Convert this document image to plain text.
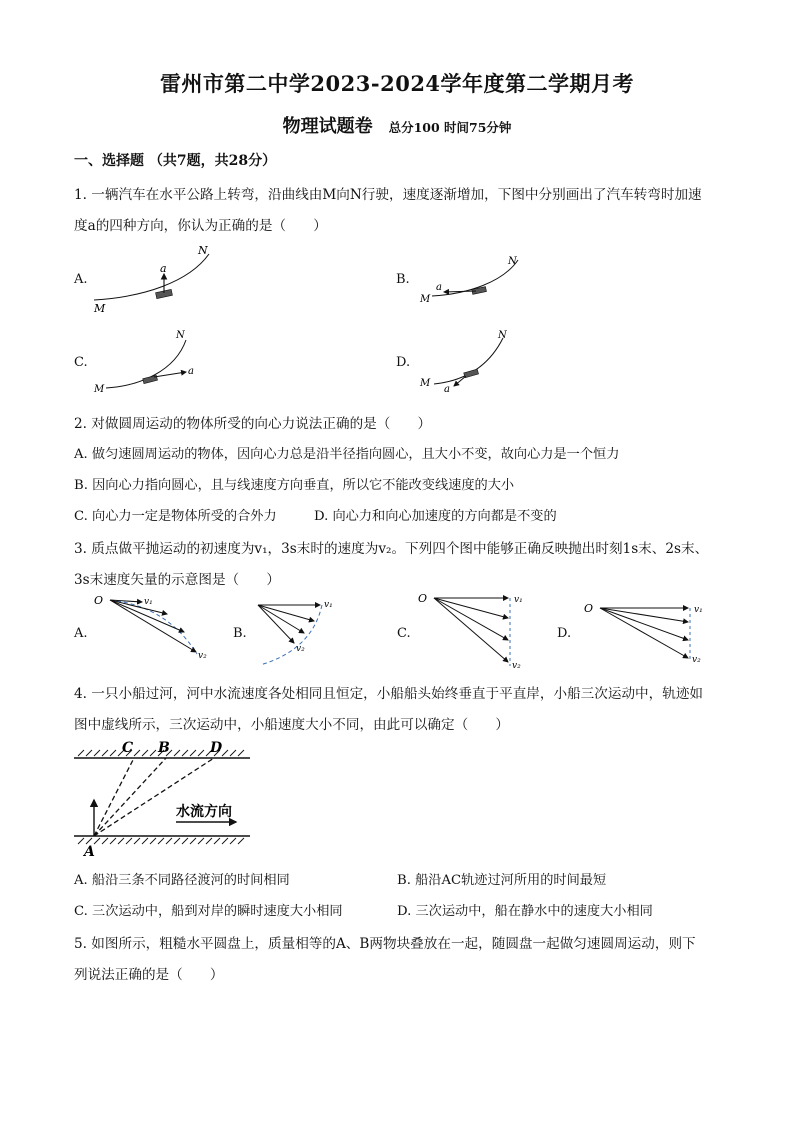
雷州市第二中学2023-2024学年度第二学期月考
物理试题卷 总分100 时间75分钟
一、选择题 （共7题，共28分）
1. 一辆汽车在水平公路上转弯，沿曲线由M向N行驶，速度逐渐增加，下图中分别画出了汽车转弯时加速
度a的四种方向，你认为正确的是（　　）
A.	B.
C.	D.
a
M
N
a
M
N
a
M
N
a
M
N
2. 对做圆周运动的物体所受的向心力说法正确的是（　　）
A. 做匀速圆周运动的物体，因向心力总是沿半径指向圆心，且大小不变，故向心力是一个恒力
B. 因向心力指向圆心，且与线速度方向垂直，所以它不能改变线速度的大小
C. 向心力一定是物体所受的合外力	D. 向心力和向心加速度的方向都是不变的
3. 质点做平抛运动的初速度为v₁，3s末时的速度为v₂。下列四个图中能够正确反映抛出时刻1s末、2s末、
3s末速度矢量的示意图是（　　）
A.	B.	C.	D.
O	v₁
v₂
v₁
v₂
O	v₁
v₂
O	v₁
v₂
4. 一只小船过河，河中水流速度各处相同且恒定，小船船头始终垂直于平直岸，小船三次运动中，轨迹如
图中虚线所示，三次运动中，小船速度大小不同，由此可以确定（　　）
水流方向
C B	D
A
A. 船沿三条不同路径渡河的时间相同	B. 船沿AC轨迹过河所用的时间最短
C. 三次运动中，船到对岸的瞬时速度大小相同	D. 三次运动中，船在静水中的速度大小相同
5. 如图所示，粗糙水平圆盘上，质量相等的A、B两物块叠放在一起，随圆盘一起做匀速圆周运动，则下
列说法正确的是（　　）
